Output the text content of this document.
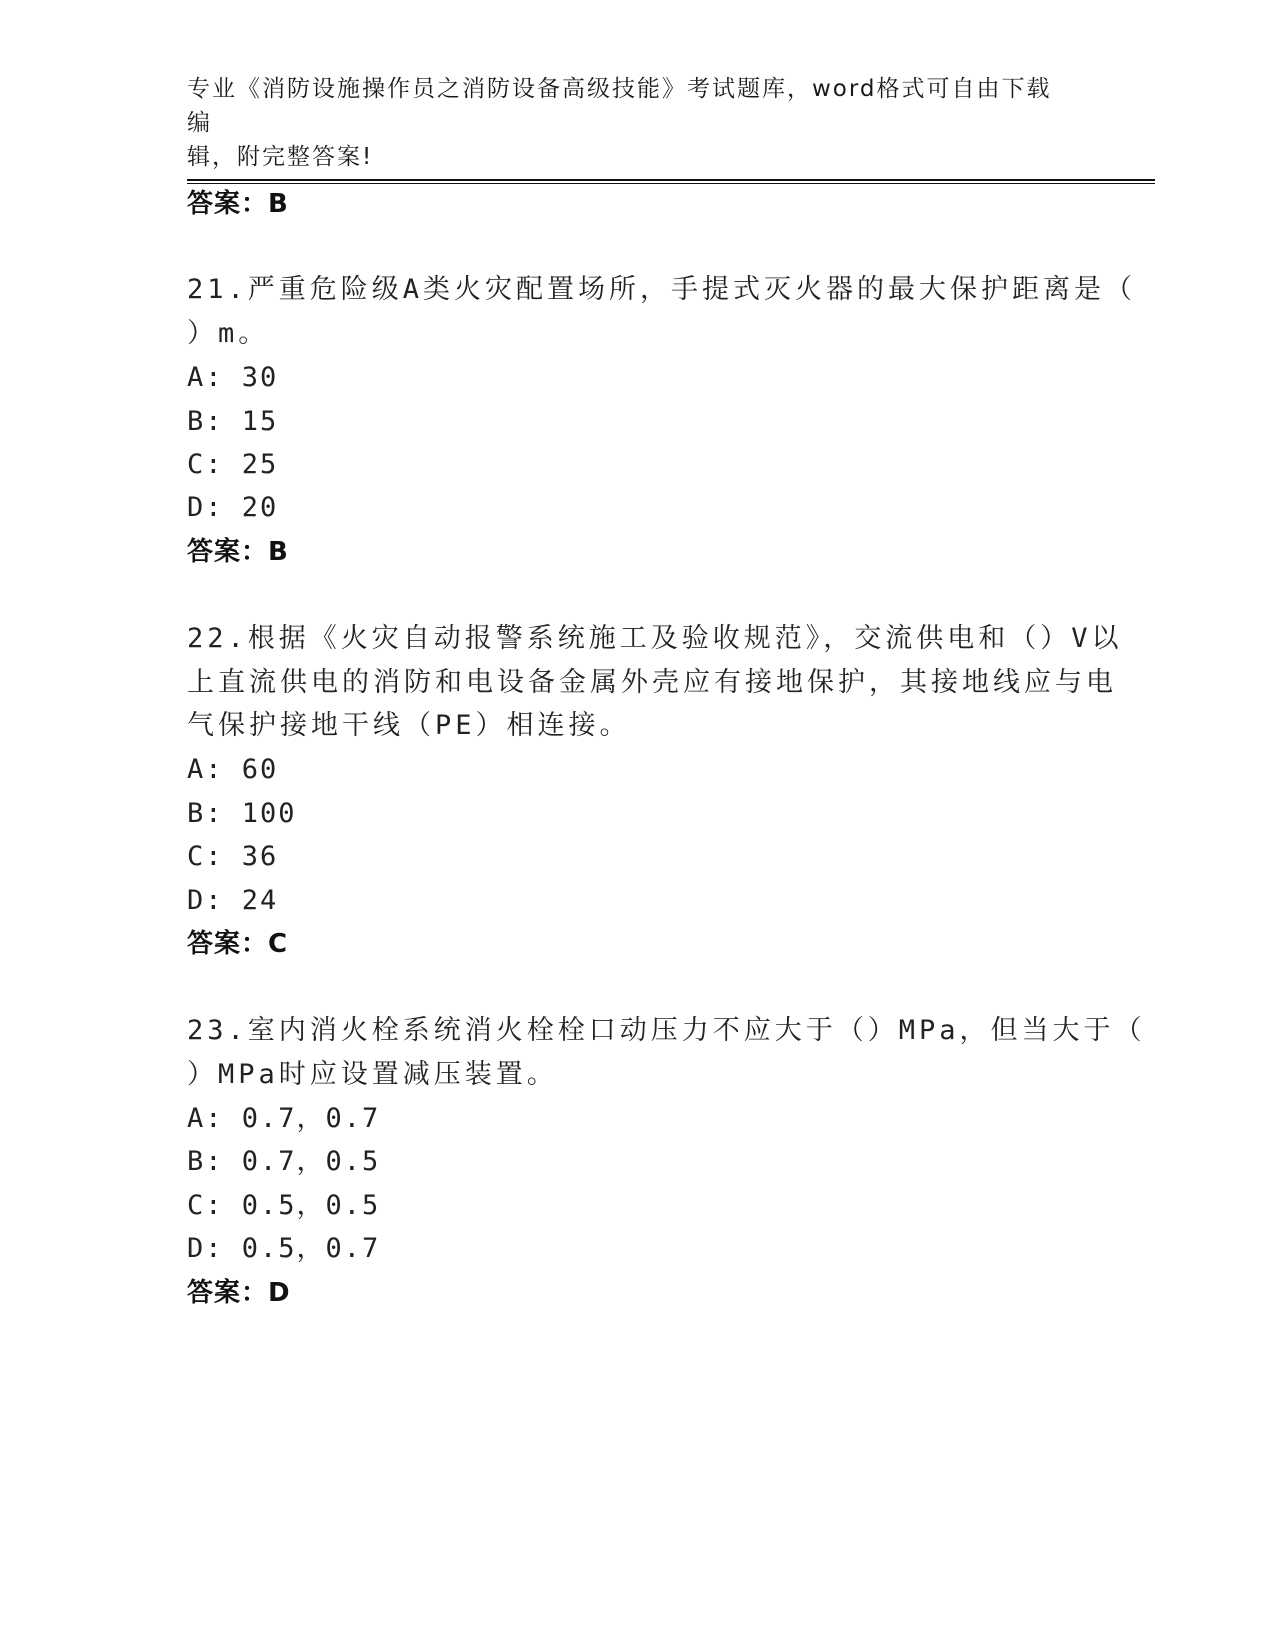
专业《消防设施操作员之消防设备高级技能》考试题库，word格式可自由下载编
辑，附完整答案!
答案：B
21.严重危险级A类火灾配置场所，手提式灭火器的最大保护距离是（
）m。
A: 30
B: 15
C: 25
D: 20
答案：B
22.根据《火灾自动报警系统施工及验收规范》，交流供电和（）V以
上直流供电的消防和电设备金属外壳应有接地保护，其接地线应与电
气保护接地干线（PE）相连接。
A: 60
B: 100
C: 36
D: 24
答案：C
23.室内消火栓系统消火栓栓口动压力不应大于（）MPa，但当大于（
）MPa时应设置减压装置。
A: 0.7，0.7
B: 0.7，0.5
C: 0.5，0.5
D: 0.5，0.7
答案：D
